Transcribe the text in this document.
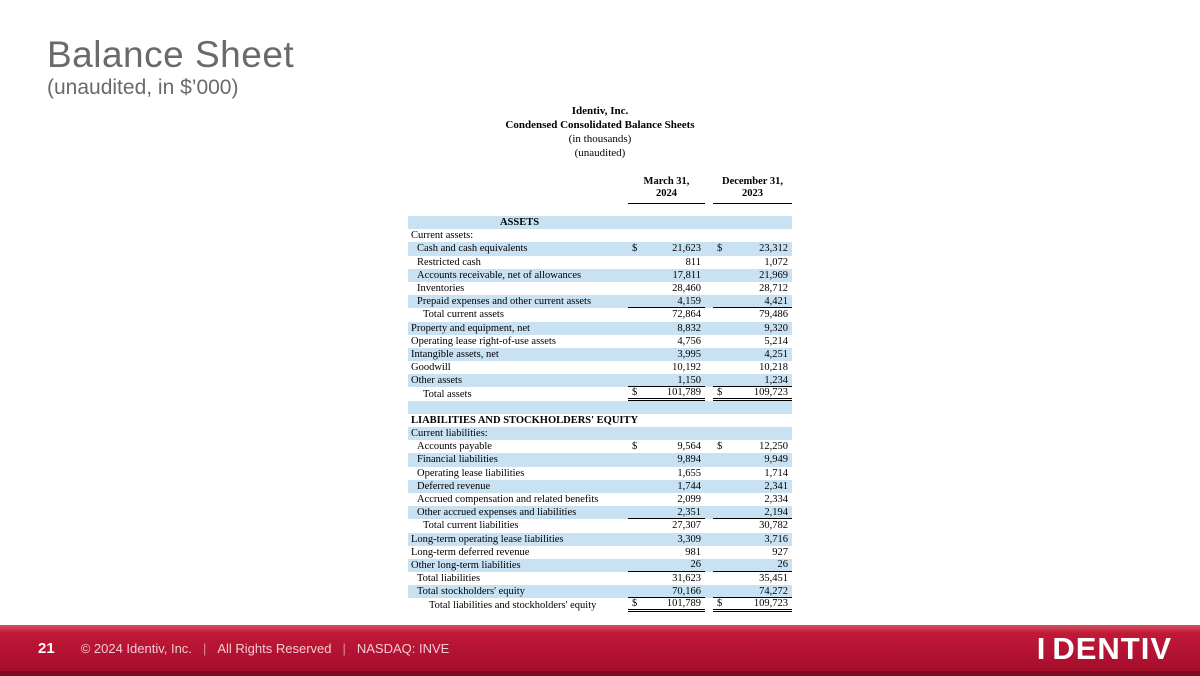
Balance Sheet
(unaudited, in $’000)
Identiv, Inc.
Condensed Consolidated Balance Sheets
(in thousands)
(unaudited)
March 31,
2024
December 31,
2023
ASSETS
Current assets:
Cash and cash equivalents	$	21,623 $	23,312
Restricted cash	811	1,072
Accounts receivable, net of allowances	17,811	21,969
Inventories	28,460	28,712
Prepaid expenses and other current assets	4,159	4,421
Total current assets	72,864	79,486
Property and equipment, net	8,832	9,320
Operating lease right-of-use assets	4,756	5,214
Intangible assets, net	3,995	4,251
Goodwill	10,192	10,218
Other assets	1,150	1,234
Total assets	$	101,789 $	109,723
LIABILITIES AND STOCKHOLDERS' EQUITY
Current liabilities:
Accounts payable	$	9,564 $	12,250
Financial liabilities	9,894	9,949
Operating lease liabilities	1,655	1,714
Deferred revenue	1,744	2,341
Accrued compensation and related benefits	2,099	2,334
Other accrued expenses and liabilities	2,351	2,194
Total current liabilities	27,307	30,782
Long-term operating lease liabilities	3,309	3,716
Long-term deferred revenue	981	927
Other long-term liabilities	26	26
Total liabilities	31,623	35,451
Total stockholders' equity	70,166	74,272
Total liabilities and stockholders' equity	$	101,789 $	109,723
21 © 2024 Identiv, Inc. | All Rights Reserved | NASDAQ: INVE	I DENTIV
